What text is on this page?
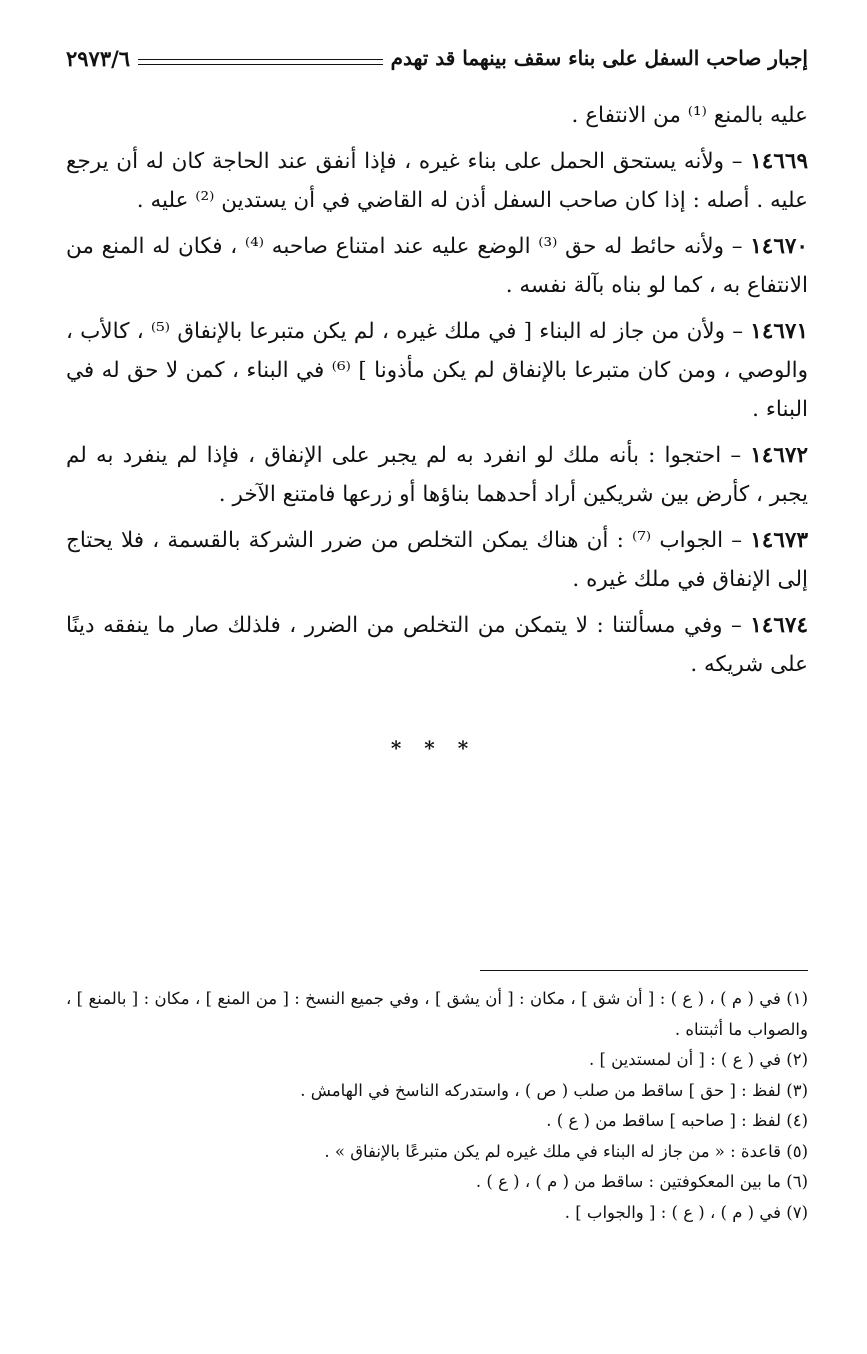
إجبار صاحب السفل على بناء سقف بينهما قد تهدم
٢٩٧٣/٦

عليه بالمنع ⁽¹⁾ من الانتفاع .

١٤٦٦٩ – ولأنه يستحق الحمل على بناء غيره ، فإذا أنفق عند الحاجة كان له أن يرجع عليه . أصله : إذا كان صاحب السفل أذن له القاضي في أن يستدين ⁽²⁾ عليه .

١٤٦٧٠ – ولأنه حائط له حق ⁽³⁾ الوضع عليه عند امتناع صاحبه ⁽⁴⁾ ، فكان له المنع من الانتفاع به ، كما لو بناه بآلة نفسه .

١٤٦٧١ – ولأن من جاز له البناء [ في ملك غيره ، لم يكن متبرعا بالإنفاق ⁽⁵⁾ ، كالأب ، والوصي ، ومن كان متبرعا بالإنفاق لم يكن مأذونا ] ⁽⁶⁾ في البناء ، كمن لا حق له في البناء .

١٤٦٧٢ – احتجوا : بأنه ملك لو انفرد به لم يجبر على الإنفاق ، فإذا لم ينفرد به لم يجبر ، كأرض بين شريكين أراد أحدهما بناؤها أو زرعها فامتنع الآخر .

١٤٦٧٣ – الجواب ⁽⁷⁾ : أن هناك يمكن التخلص من ضرر الشركة بالقسمة ، فلا يحتاج إلى الإنفاق في ملك غيره .

١٤٦٧٤ – وفي مسألتنا : لا يتمكن من التخلص من الضرر ، فلذلك صار ما ينفقه دينًا على شريكه .

* * *

(١) في ( م ) ، ( ع ) : [ أن شق ] ، مكان : [ أن يشق ] ، وفي جميع النسخ : [ من المنع ] ، مكان : [ بالمنع ] ، والصواب ما أثبتناه .

(٢) في ( ع ) : [ أن لمستدين ] .

(٣) لفظ : [ حق ] ساقط من صلب ( ص ) ، واستدركه الناسخ في الهامش .

(٤) لفظ : [ صاحبه ] ساقط من ( ع ) .

(٥) قاعدة : « من جاز له البناء في ملك غيره لم يكن متبرعًا بالإنفاق » .

(٦) ما بين المعكوفتين : ساقط من ( م ) ، ( ع ) .

(٧) في ( م ) ، ( ع ) : [ والجواب ] .
